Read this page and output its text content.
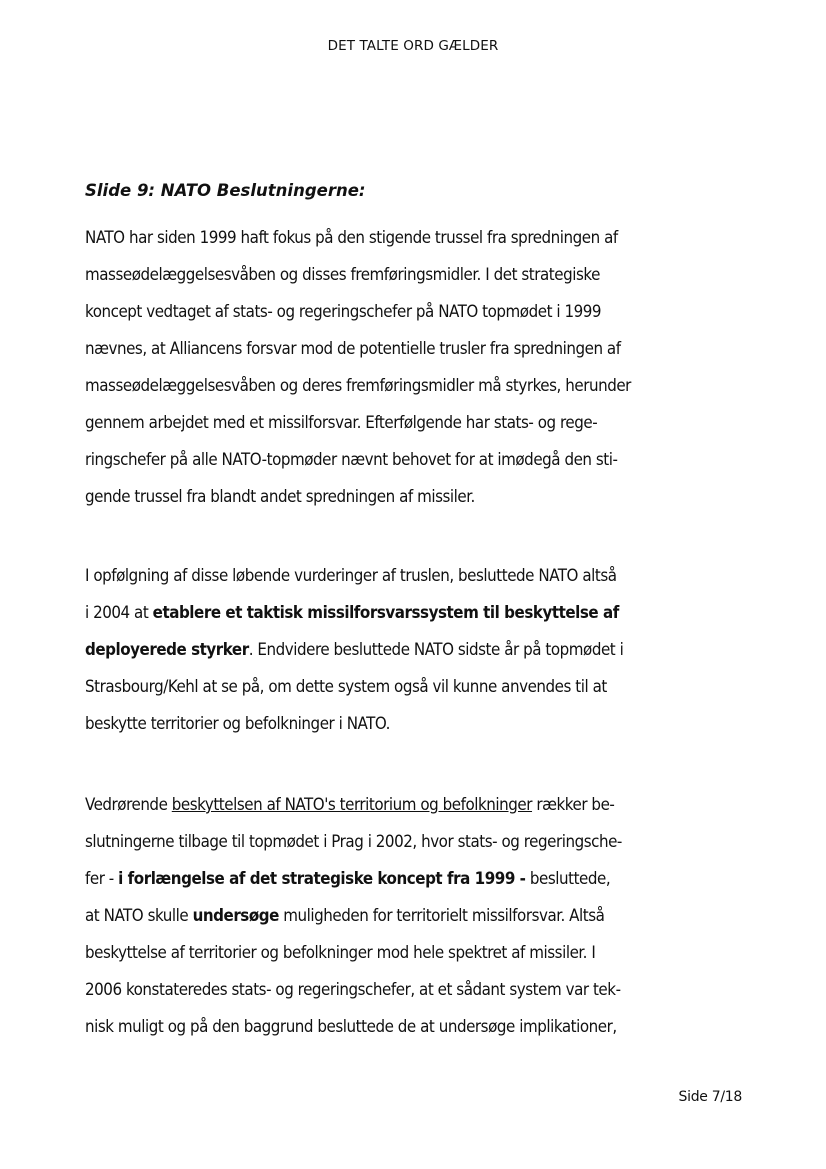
DET TALTE ORD GÆLDER
Slide 9: NATO Beslutningerne:

NATO har siden 1999 haft fokus på den stigende trussel fra spredningen af
masseødelæggelsesvåben og disses fremføringsmidler. I det strategiske
koncept vedtaget af stats- og regeringschefer på NATO topmødet i 1999
nævnes, at Alliancens forsvar mod de potentielle trusler fra spredningen af
masseødelæggelsesvåben og deres fremføringsmidler må styrkes, herunder
gennem arbejdet med et missilforsvar. Efterfølgende har stats- og rege-
ringschefer på alle NATO-topmøder nævnt behovet for at imødegå den sti-
gende trussel fra blandt andet spredningen af missiler.

I opfølgning af disse løbende vurderinger af truslen, besluttede NATO altså
i 2004 at etablere et taktisk missilforsvarssystem til beskyttelse af
deployerede styrker. Endvidere besluttede NATO sidste år på topmødet i
Strasbourg/Kehl at se på, om dette system også vil kunne anvendes til at
beskytte territorier og befolkninger i NATO.

Vedrørende beskyttelsen af NATO's territorium og befolkninger rækker be-
slutningerne tilbage til topmødet i Prag i 2002, hvor stats- og regeringsche-
fer - i forlængelse af det strategiske koncept fra 1999 - besluttede,
at NATO skulle undersøge muligheden for territorielt missilforsvar. Altså
beskyttelse af territorier og befolkninger mod hele spektret af missiler. I
2006 konstateredes stats- og regeringschefer, at et sådant system var tek-
nisk muligt og på den baggrund besluttede de at undersøge implikationer,

Side 7/18
